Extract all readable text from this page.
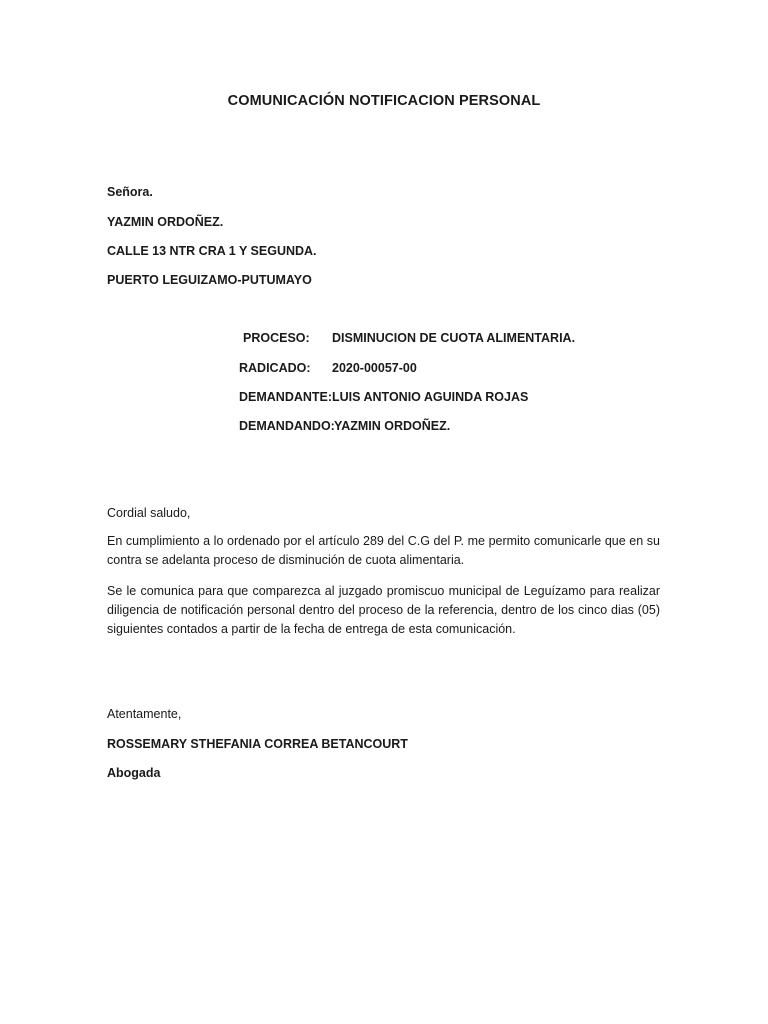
COMUNICACIÓN NOTIFICACION PERSONAL
Señora.
YAZMIN ORDOÑEZ.
CALLE 13 NTR CRA 1 Y SEGUNDA.
PUERTO LEGUIZAMO-PUTUMAYO
PROCESO: DISMINUCION DE CUOTA ALIMENTARIA.
RADICADO: 2020-00057-00
DEMANDANTE: LUIS ANTONIO AGUINDA ROJAS
DEMANDANDO: YAZMIN ORDOÑEZ.
Cordial saludo,
En cumplimiento a lo ordenado por el artículo 289 del C.G del P. me permito comunicarle que en su contra se adelanta proceso de disminución de cuota alimentaria.
Se le comunica para que comparezca al juzgado promiscuo municipal de Leguízamo para realizar diligencia de notificación personal dentro del proceso de la referencia, dentro de los cinco dias (05) siguientes contados a partir de la fecha de entrega de esta comunicación.
Atentamente,
ROSSEMARY STHEFANIA CORREA BETANCOURT
Abogada
